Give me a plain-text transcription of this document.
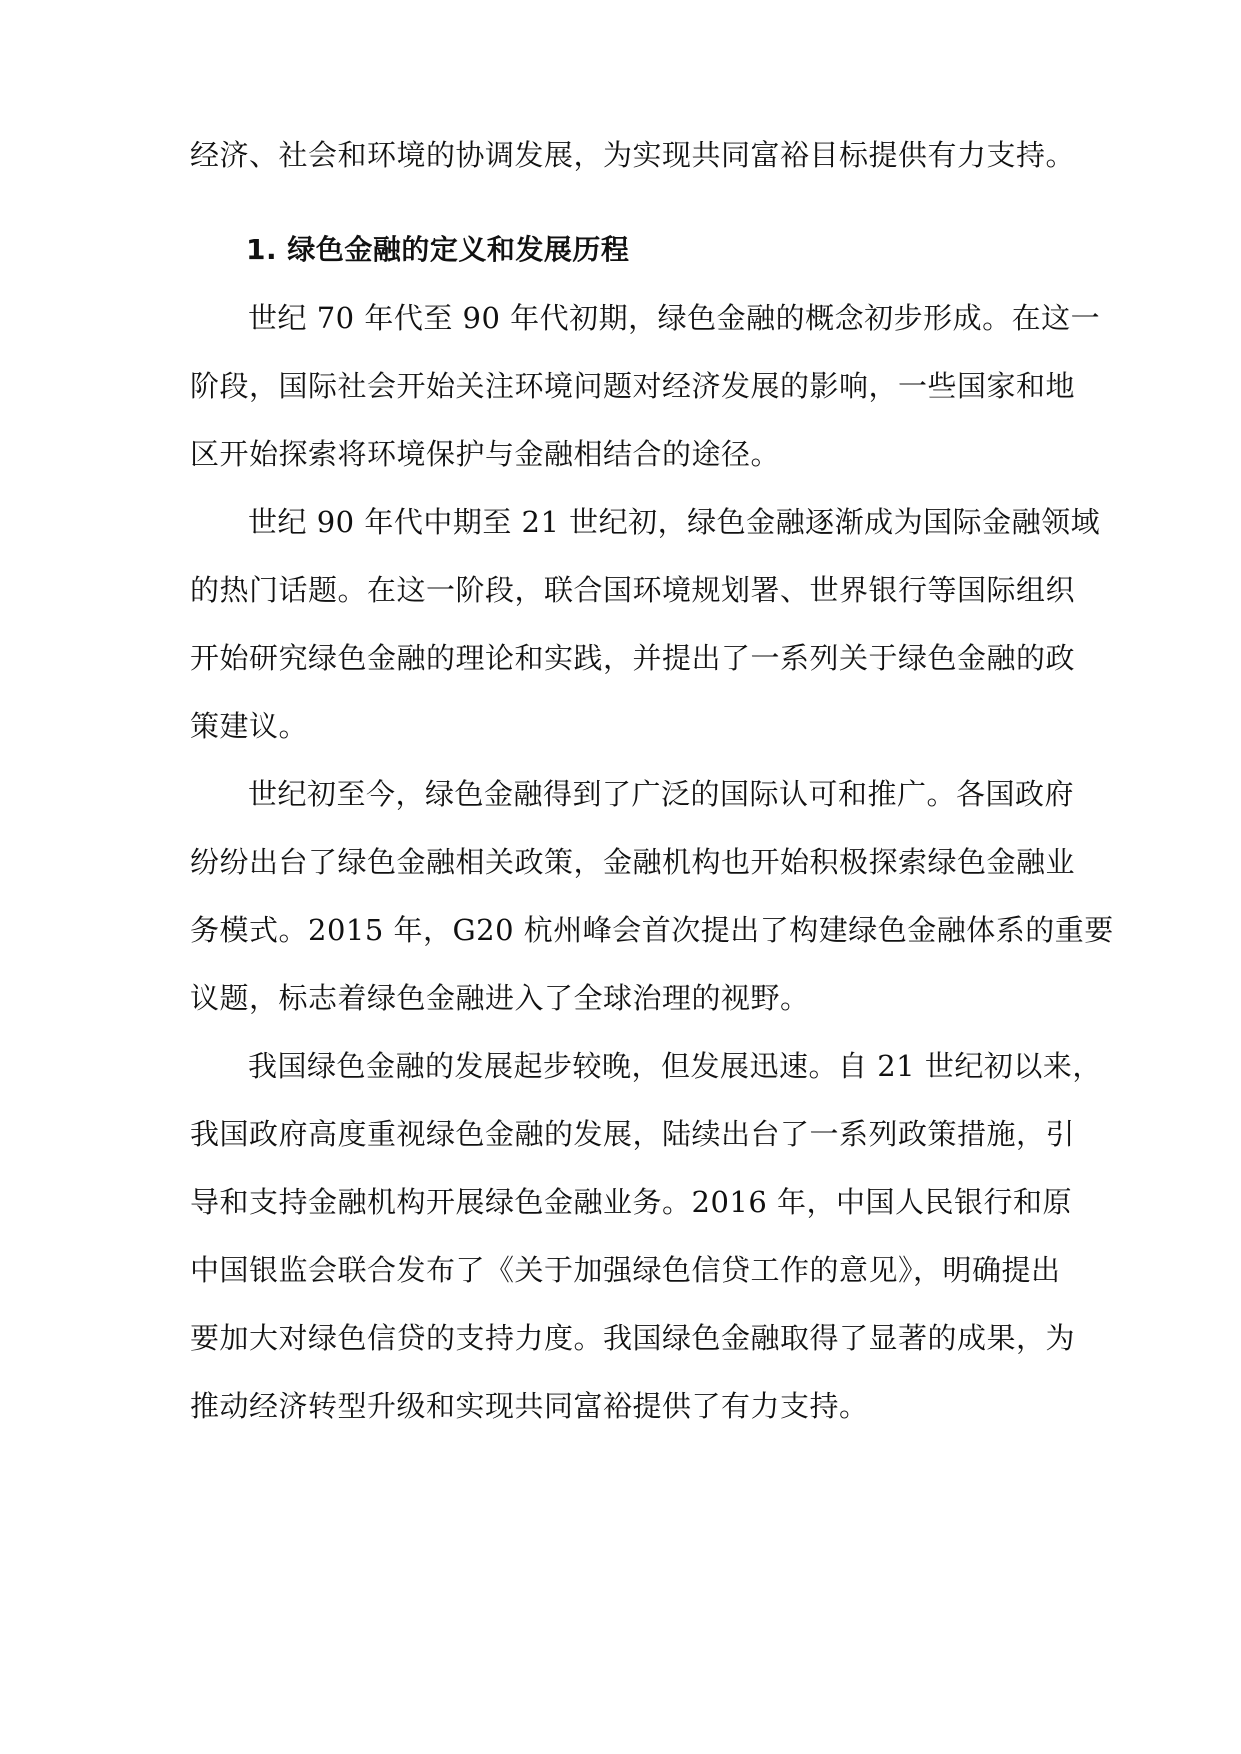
经济、社会和环境的协调发展，为实现共同富裕目标提供有力支持。

1. 绿色金融的定义和发展历程

世纪 70 年代至 90 年代初期，绿色金融的概念初步形成。在这一

阶段，国际社会开始关注环境问题对经济发展的影响，一些国家和地

区开始探索将环境保护与金融相结合的途径。

世纪 90 年代中期至 21 世纪初，绿色金融逐渐成为国际金融领域

的热门话题。在这一阶段，联合国环境规划署、世界银行等国际组织

开始研究绿色金融的理论和实践，并提出了一系列关于绿色金融的政

策建议。

世纪初至今，绿色金融得到了广泛的国际认可和推广。各国政府

纷纷出台了绿色金融相关政策，金融机构也开始积极探索绿色金融业

务模式。2015 年，G20 杭州峰会首次提出了构建绿色金融体系的重要

议题，标志着绿色金融进入了全球治理的视野。

我国绿色金融的发展起步较晚，但发展迅速。自 21 世纪初以来，

我国政府高度重视绿色金融的发展，陆续出台了一系列政策措施，引

导和支持金融机构开展绿色金融业务。2016 年，中国人民银行和原

中国银监会联合发布了《关于加强绿色信贷工作的意见》，明确提出

要加大对绿色信贷的支持力度。我国绿色金融取得了显著的成果，为

推动经济转型升级和实现共同富裕提供了有力支持。
